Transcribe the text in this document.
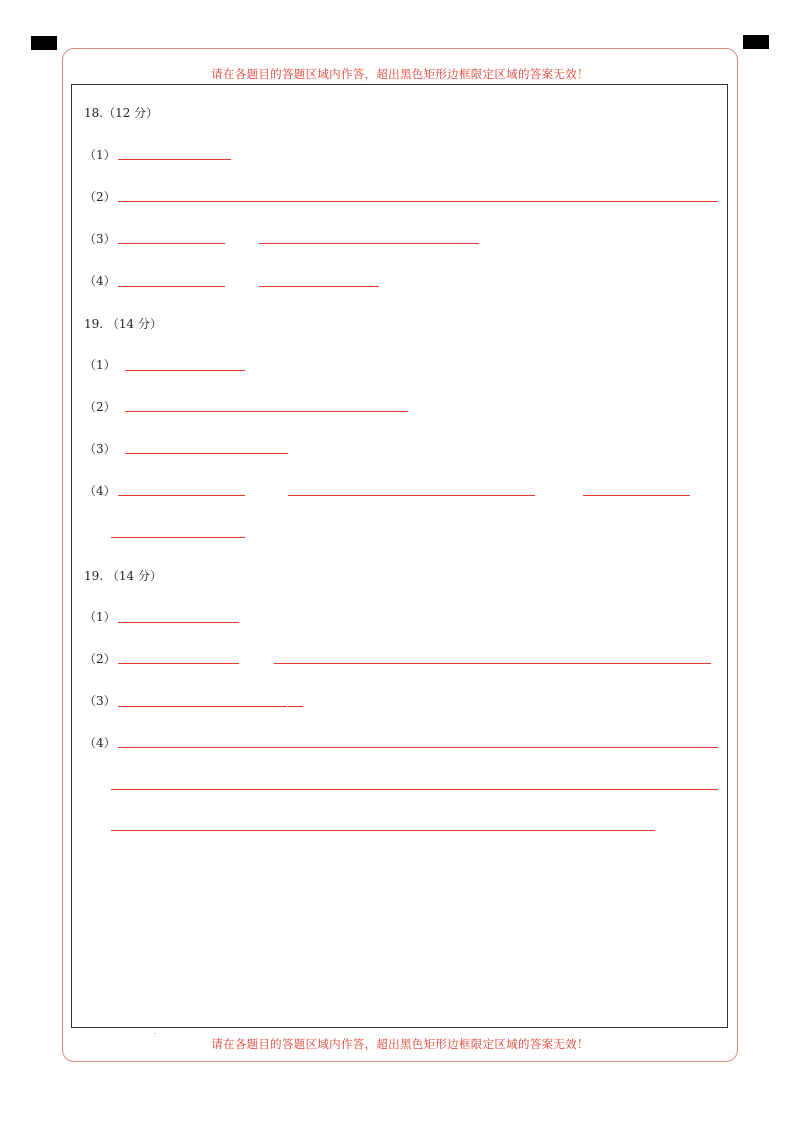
请在各题目的答题区域内作答，超出黑色矩形边框限定区域的答案无效！
18.（12 分）
（1）
（2）
（3）
（4）
19. （14 分）
（1）
（2）
（3）
（4）
19. （14 分）
（1）
（2）
（3）
（4）
·
请在各题目的答题区域内作答，超出黑色矩形边框限定区域的答案无效！
